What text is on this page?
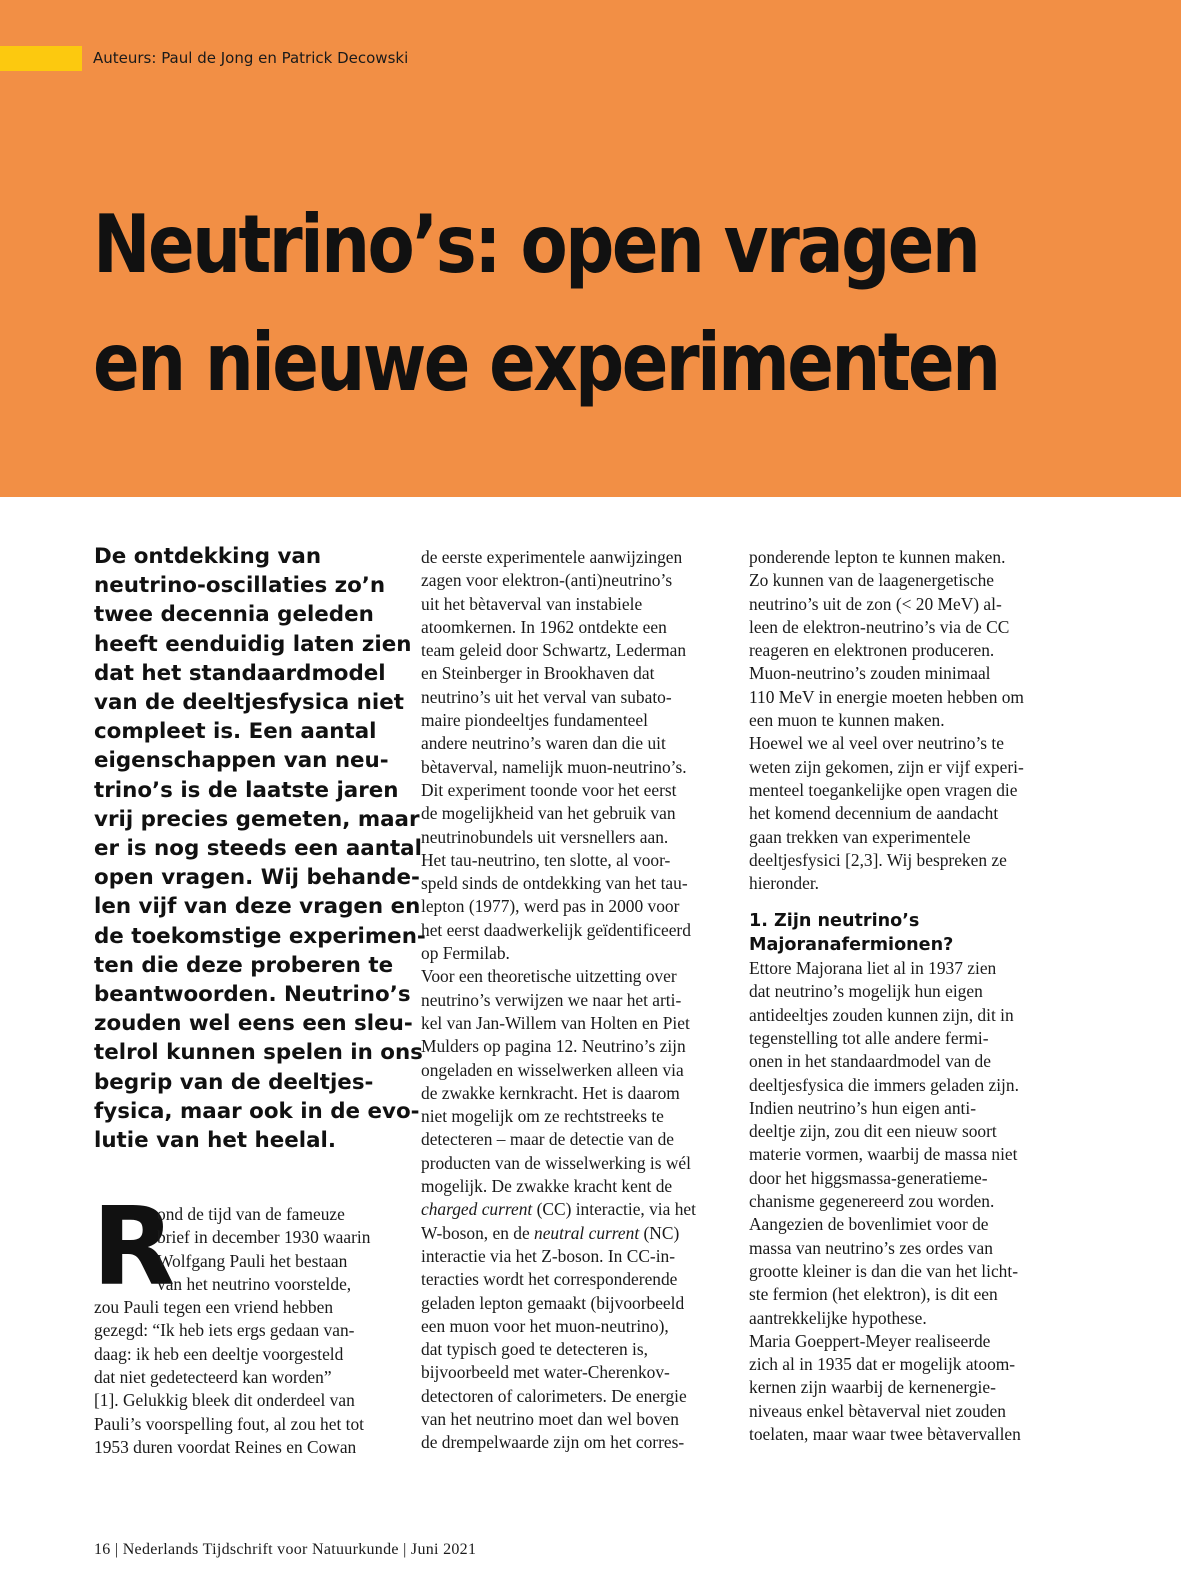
Auteurs: Paul de Jong en Patrick Decowski
Neutrino’s: open vragen
en nieuwe experimenten
De ontdekking van
neutrino-oscillaties zo’n
twee decennia geleden
heeft eenduidig laten zien
dat het standaardmodel
van de deeltjesfysica niet
compleet is. Een aantal
eigenschappen van neu-
trino’s is de laatste jaren
vrij precies gemeten, maar
er is nog steeds een aantal
open vragen. Wij behande-
len vijf van deze vragen en
de toekomstige experimen-
ten die deze proberen te
beantwoorden. Neutrino’s
zouden wel eens een sleu-
telrol kunnen spelen in ons
begrip van de deeltjes-
fysica, maar ook in de evo-
lutie van het heelal.
R
ond de tijd van de fameuze
brief in december 1930 waarin
Wolfgang Pauli het bestaan
van het neutrino voorstelde,
zou Pauli tegen een vriend hebben
gezegd: “Ik heb iets ergs gedaan van-
daag: ik heb een deeltje voorgesteld
dat niet gedetecteerd kan worden”
[1]. Gelukkig bleek dit onderdeel van
Pauli’s voorspelling fout, al zou het tot
1953 duren voordat Reines en Cowan
de eerste experimentele aanwijzingen
zagen voor elektron-(anti)neutrino’s
uit het bètaverval van instabiele
atoomkernen. In 1962 ontdekte een
team geleid door Schwartz, Lederman
en Steinberger in Brookhaven dat
neutrino’s uit het verval van subato-
maire piondeeltjes fundamenteel
andere neutrino’s waren dan die uit
bètaverval, namelijk muon-neutrino’s.
Dit experiment toonde voor het eerst
de mogelijkheid van het gebruik van
neutrinobundels uit versnellers aan.
Het tau-neutrino, ten slotte, al voor-
speld sinds de ontdekking van het tau-
lepton (1977), werd pas in 2000 voor
het eerst daadwerkelijk geïdentificeerd
op Fermilab.
Voor een theoretische uitzetting over
neutrino’s verwijzen we naar het arti-
kel van Jan-Willem van Holten en Piet
Mulders op pagina 12. Neutrino’s zijn
ongeladen en wisselwerken alleen via
de zwakke kernkracht. Het is daarom
niet mogelijk om ze rechtstreeks te
detecteren – maar de detectie van de
producten van de wisselwerking is wél
mogelijk. De zwakke kracht kent de
charged current (CC) interactie, via het
W-boson, en de neutral current (NC)
interactie via het Z-boson. In CC-in-
teracties wordt het corresponderende
geladen lepton gemaakt (bijvoorbeeld
een muon voor het muon-neutrino),
dat typisch goed te detecteren is,
bijvoorbeeld met water-Cherenkov-
detectoren of calorimeters. De energie
van het neutrino moet dan wel boven
de drempelwaarde zijn om het corres-
ponderende lepton te kunnen maken.
Zo kunnen van de laagenergetische
neutrino’s uit de zon (< 20 MeV) al-
leen de elektron-neutrino’s via de CC
reageren en elektronen produceren.
Muon-neutrino’s zouden minimaal
110 MeV in energie moeten hebben om
een muon te kunnen maken.
Hoewel we al veel over neutrino’s te
weten zijn gekomen, zijn er vijf experi-
menteel toegankelijke open vragen die
het komend decennium de aandacht
gaan trekken van experimentele
deeltjesfysici [2,3]. Wij bespreken ze
hieronder.
1. Zijn neutrino’s
Majoranafermionen?
Ettore Majorana liet al in 1937 zien
dat neutrino’s mogelijk hun eigen
antideeltjes zouden kunnen zijn, dit in
tegenstelling tot alle andere fermi-
onen in het standaardmodel van de
deeltjesfysica die immers geladen zijn.
Indien neutrino’s hun eigen anti-
deeltje zijn, zou dit een nieuw soort
materie vormen, waarbij de massa niet
door het higgsmassa-generatieme-
chanisme gegenereerd zou worden.
Aangezien de bovenlimiet voor de
massa van neutrino’s zes ordes van
grootte kleiner is dan die van het licht-
ste fermion (het elektron), is dit een
aantrekkelijke hypothese.
Maria Goeppert-Meyer realiseerde
zich al in 1935 dat er mogelijk atoom-
kernen zijn waarbij de kernenergie-
niveaus enkel bètaverval niet zouden
toelaten, maar waar twee bètavervallen
16 | Nederlands Tijdschrift voor Natuurkunde | Juni 2021
